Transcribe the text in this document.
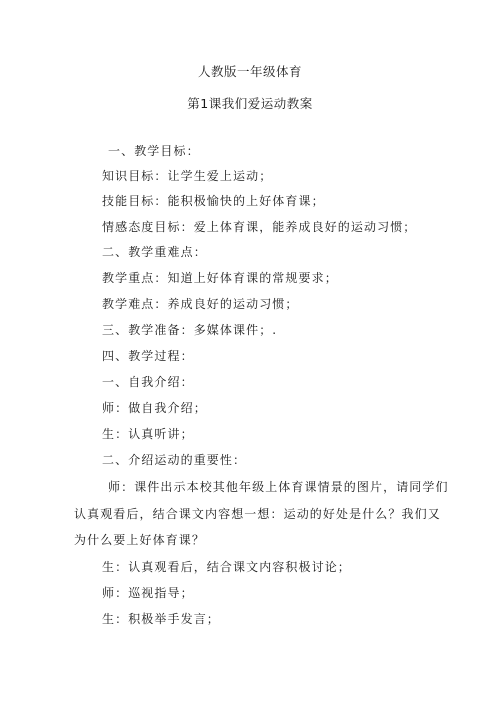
人教版一年级体育
第1课我们爱运动教案
一、教学目标：
知识目标：让学生爱上运动；
技能目标：能积极愉快的上好体育课；
情感态度目标：爱上体育课，能养成良好的运动习惯；
二、教学重难点：
教学重点：知道上好体育课的常规要求；
教学难点：养成良好的运动习惯；
三、教学准备：多媒体课件；.
四、教学过程：
一、自我介绍：
师：做自我介绍；
生：认真听讲；
二、介绍运动的重要性：
师：课件出示本校其他年级上体育课情景的图片，请同学们
认真观看后，结合课文内容想一想：运动的好处是什么？我们又
为什么要上好体育课？
生：认真观看后，结合课文内容积极讨论；
师：巡视指导；
生：积极举手发言；
